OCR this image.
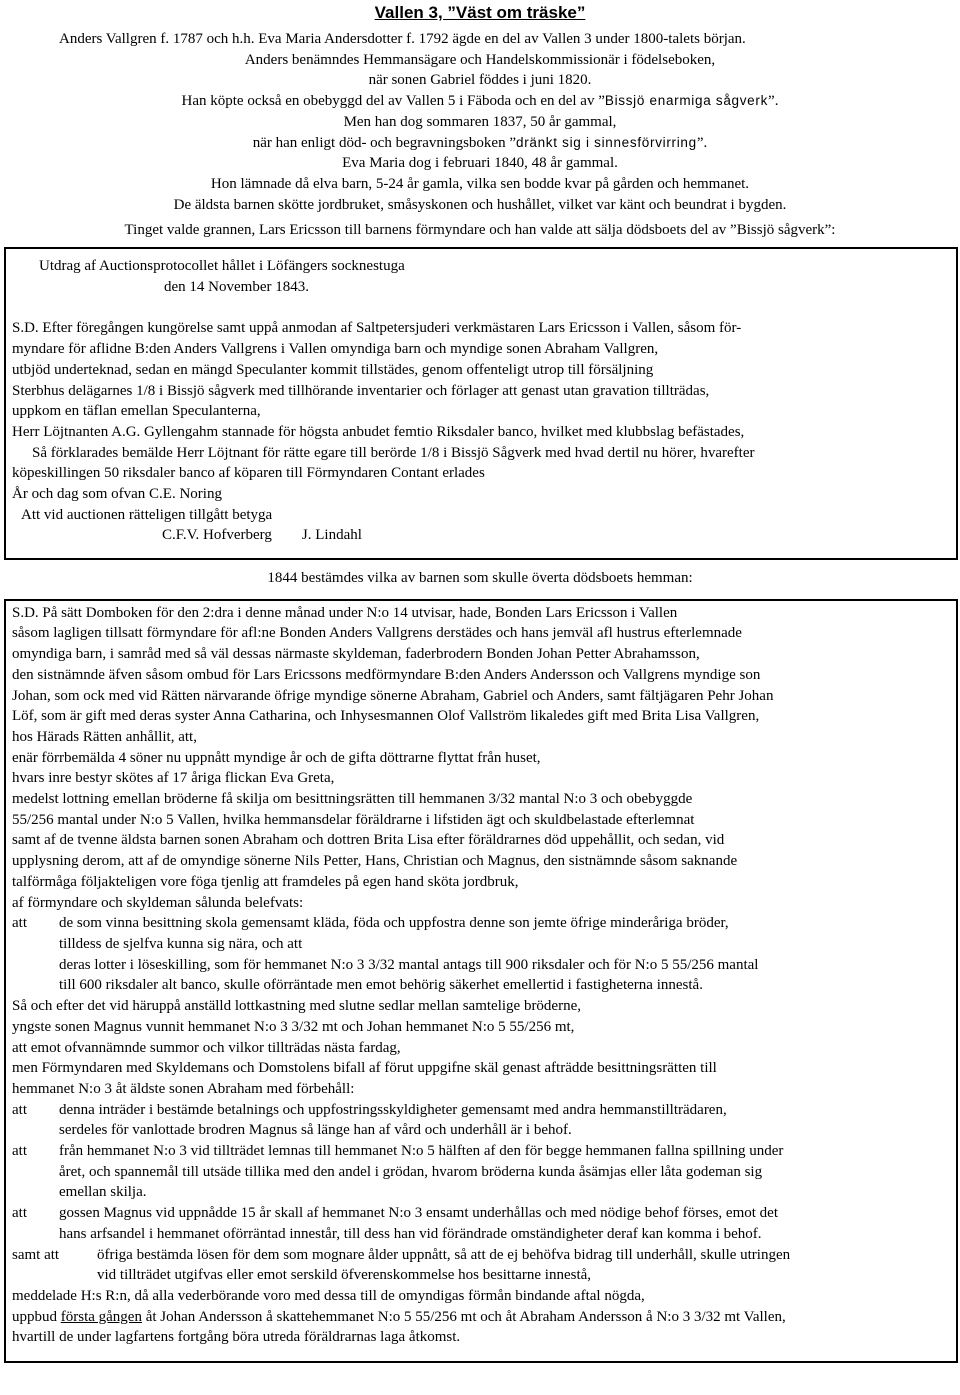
Vallen 3, ”Väst om träske”
Anders Vallgren f. 1787 och h.h. Eva Maria Andersdotter f. 1792 ägde en del av Vallen 3 under 1800-talets början.
Anders benämndes Hemmansägare och Handelskommissionär i födelseboken,
när sonen Gabriel föddes i juni 1820.
Han köpte också en obebyggd del av Vallen 5 i Fäboda och en del av ”Bissjö enarmiga sågverk”.
Men han dog sommaren 1837, 50 år gammal,
när han enligt död- och begravningsboken ”dränkt sig i sinnesförvirring”.
Eva Maria dog i februari 1840, 48 år gammal.
Hon lämnade då elva barn, 5-24 år gamla, vilka sen bodde kvar på gården och hemmanet.
De äldsta barnen skötte jordbruket, småsyskonen och hushållet, vilket var känt och beundrat i bygden.
Tinget valde grannen, Lars Ericsson till barnens förmyndare och han valde att sälja dödsboets del av ”Bissjö sågverk”:
Utdrag af Auctionsprotocollet hållet i Löfängers socknestuga
den 14 November 1843.
S.D. Efter föregången kungörelse samt uppå anmodan af Saltpetersjuderi verkmästaren Lars Ericsson i Vallen, såsom för-
myndare för aflidne B:den Anders Vallgrens i Vallen omyndiga barn och myndige sonen Abraham Vallgren,
utbjöd underteknad, sedan en mängd Speculanter kommit tillstädes, genom offenteligt utrop till försäljning
Sterbhus delägarnes 1/8 i Bissjö sågverk med tillhörande inventarier och förlager att genast utan gravation tillträdas,
uppkom en täflan emellan Speculanterna,
Herr Löjtnanten A.G. Gyllengahm stannade för högsta anbudet femtio Riksdaler banco, hvilket med klubbslag befästades,
Så förklarades bemälde Herr Löjtnant för rätte egare till berörde 1/8 i Bissjö Sågverk med hvad dertil nu hörer, hvarefter
köpeskillingen 50 riksdaler banco af köparen till Förmyndaren Contant erlades
År och dag som ofvan C.E. Noring
Att vid auctionen rätteligen tillgått betyga
C.F.V. Hofverberg        J. Lindahl
1844 bestämdes vilka av barnen som skulle överta dödsboets hemman:
S.D. På sätt Domboken för den 2:dra i denne månad under N:o 14 utvisar, hade, Bonden Lars Ericsson i Vallen
såsom lagligen tillsatt förmyndare för afl:ne Bonden Anders Vallgrens derstädes och hans jemväl afl hustrus efterlemnade
omyndiga barn, i samråd med så väl dessas närmaste skyldeman, faderbrodern Bonden Johan Petter Abrahamsson,
den sistnämnde äfven såsom ombud för Lars Ericssons medförmyndare B:den Anders Andersson och Vallgrens myndige son
Johan, som ock med vid Rätten närvarande öfrige myndige sönerne Abraham, Gabriel och Anders, samt fältjägaren Pehr Johan
Löf, som är gift med deras syster Anna Catharina, och Inhysesmannen Olof Vallström likaledes gift med Brita Lisa Vallgren,
hos Härads Rätten anhållit, att,
enär förrbemälda 4 söner nu uppnått myndige år och de gifta döttrarne flyttat från huset,
hvars inre bestyr skötes af 17 åriga flickan Eva Greta,
medelst lottning emellan bröderne få skilja om besittningsrätten till hemmanen 3/32 mantal N:o 3 och obebyggde
55/256 mantal under N:o 5 Vallen, hvilka hemmansdelar föräldrarne i lifstiden ägt och skuldbelastade efterlemnat
samt af de tvenne äldsta barnen sonen Abraham och dottren Brita Lisa efter föräldrarnes död uppehållit, och sedan, vid
upplysning derom, att af de omyndige sönerne Nils Petter, Hans, Christian och Magnus, den sistnämnde såsom saknande
talförmåga följakteligen vore föga tjenlig att framdeles på egen hand sköta jordbruk,
af förmyndare och skyldeman sålunda belefvats:
att	de som vinna besittning skola gemensamt kläda, föda och uppfostra denne son jemte öfrige minderåriga bröder,
tilldess de sjelfva kunna sig nära, och att
deras lotter i löseskilling, som för hemmanet N:o 3 3/32 mantal antags till 900 riksdaler och för N:o 5 55/256 mantal
till 600 riksdaler alt banco, skulle oförräntade men emot behörig säkerhet emellertid i fastigheterna innestå.
Så och efter det vid häruppå anställd lottkastning med slutne sedlar mellan samtelige bröderne,
yngste sonen Magnus vunnit hemmanet N:o 3 3/32 mt och Johan hemmanet N:o 5 55/256 mt,
att emot ofvannämnde summor och vilkor tillträdas nästa fardag,
men Förmyndaren med Skyldemans och Domstolens bifall af förut uppgifne skäl genast afträdde besittningsrätten till
hemmanet N:o 3 åt äldste sonen Abraham med förbehåll:
att	denna inträder i bestämde betalnings och uppfostringsskyldigheter gemensamt med andra hemmanstillträdaren,
serdeles för vanlottade brodren Magnus så länge han af vård och underhåll är i behof.
att	från hemmanet N:o 3 vid tillträdet lemnas till hemmanet N:o 5 hälften af den för begge hemmanen fallna spillning under
året, och spannemål till utsäde tillika med den andel i grödan, hvarom bröderna kunda åsämjas eller låta godeman sig
emellan skilja.
att	gossen Magnus vid uppnådde 15 år skall af hemmanet N:o 3 ensamt underhållas och med nödige behof förses, emot det
hans arfsandel i hemmanet oförräntad innestår, till dess han vid förändrade omständigheter deraf kan komma i behof.
samt att	öfriga bestämda lösen för dem som mognare ålder uppnått, så att de ej behöfva bidrag till underhåll, skulle utringen
vid tillträdet utgifvas eller emot serskild öfverenskommelse hos besittarne innestå,
meddelade H:s R:n, då alla vederbörande voro med dessa till de omyndigas förmån bindande aftal nögda,
uppbud första gången åt Johan Andersson å skattehemmanet N:o 5 55/256 mt och åt Abraham Andersson å N:o 3 3/32 mt Vallen,
hvartill de under lagfartens fortgång böra utreda föräldrarnas laga åtkomst.
